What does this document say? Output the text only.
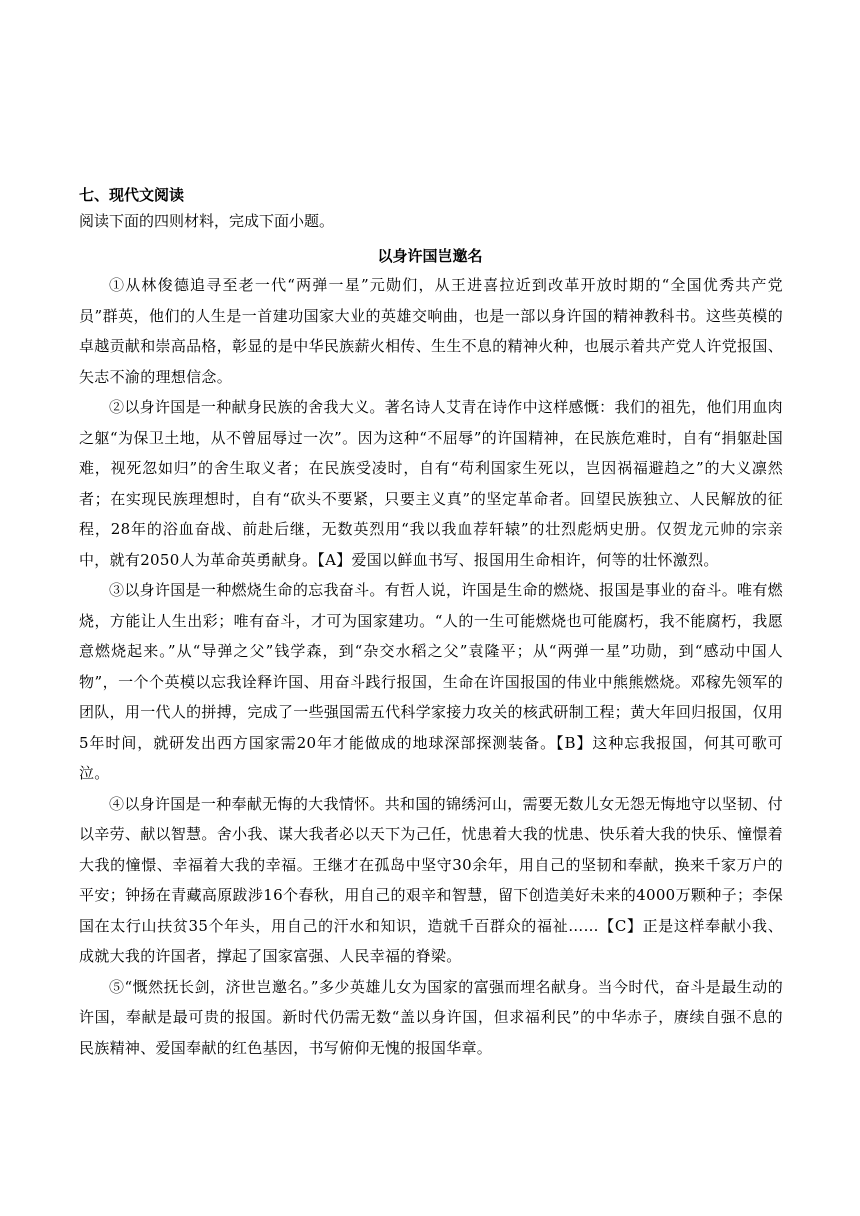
七、现代文阅读

阅读下面的四则材料，完成下面小题。

以身许国岂邀名

①从林俊德追寻至老一代“两弹一星”元勋们，从王进喜拉近到改革开放时期的“全国优秀共产党员”群英，他们的人生是一首建功国家大业的英雄交响曲，也是一部以身许国的精神教科书。这些英模的卓越贡献和崇高品格，彰显的是中华民族薪火相传、生生不息的精神火种，也展示着共产党人许党报国、矢志不渝的理想信念。

②以身许国是一种献身民族的舍我大义。著名诗人艾青在诗作中这样感慨：我们的祖先，他们用血肉之躯“为保卫土地，从不曾屈辱过一次”。因为这种“不屈辱”的许国精神，在民族危难时，自有“捐躯赴国难，视死忽如归”的舍生取义者；在民族受凌时，自有“苟利国家生死以，岂因祸福避趋之”的大义凛然者；在实现民族理想时，自有“砍头不要紧，只要主义真”的坚定革命者。回望民族独立、人民解放的征程，28年的浴血奋战、前赴后继，无数英烈用“我以我血荐轩辕”的壮烈彪炳史册。仅贺龙元帅的宗亲中，就有2050人为革命英勇献身。【A】爱国以鲜血书写、报国用生命相许，何等的壮怀激烈。

③以身许国是一种燃烧生命的忘我奋斗。有哲人说，许国是生命的燃烧、报国是事业的奋斗。唯有燃烧，方能让人生出彩；唯有奋斗，才可为国家建功。“人的一生可能燃烧也可能腐朽，我不能腐朽，我愿意燃烧起来。”从“导弹之父”钱学森，到“杂交水稻之父”袁隆平；从“两弹一星”功勋，到“感动中国人物”，一个个英模以忘我诠释许国、用奋斗践行报国，生命在许国报国的伟业中熊熊燃烧。邓稼先领军的团队，用一代人的拼搏，完成了一些强国需五代科学家接力攻关的核武研制工程；黄大年回归报国，仅用5年时间，就研发出西方国家需20年才能做成的地球深部探测装备。【B】这种忘我报国，何其可歌可泣。

④以身许国是一种奉献无悔的大我情怀。共和国的锦绣河山，需要无数儿女无怨无悔地守以坚韧、付以辛劳、献以智慧。舍小我、谋大我者必以天下为己任，忧患着大我的忧患、快乐着大我的快乐、憧憬着大我的憧憬、幸福着大我的幸福。王继才在孤岛中坚守30余年，用自己的坚韧和奉献，换来千家万户的平安；钟扬在青藏高原跋涉16个春秋，用自己的艰辛和智慧，留下创造美好未来的4000万颗种子；李保国在太行山扶贫35个年头，用自己的汗水和知识，造就千百群众的福祉……【C】正是这样奉献小我、成就大我的许国者，撑起了国家富强、人民幸福的脊梁。

⑤“慨然抚长剑，济世岂邀名。”多少英雄儿女为国家的富强而埋名献身。当今时代，奋斗是最生动的许国，奉献是最可贵的报国。新时代仍需无数“盖以身许国，但求福利民”的中华赤子，赓续自强不息的民族精神、爱国奉献的红色基因，书写俯仰无愧的报国华章。
